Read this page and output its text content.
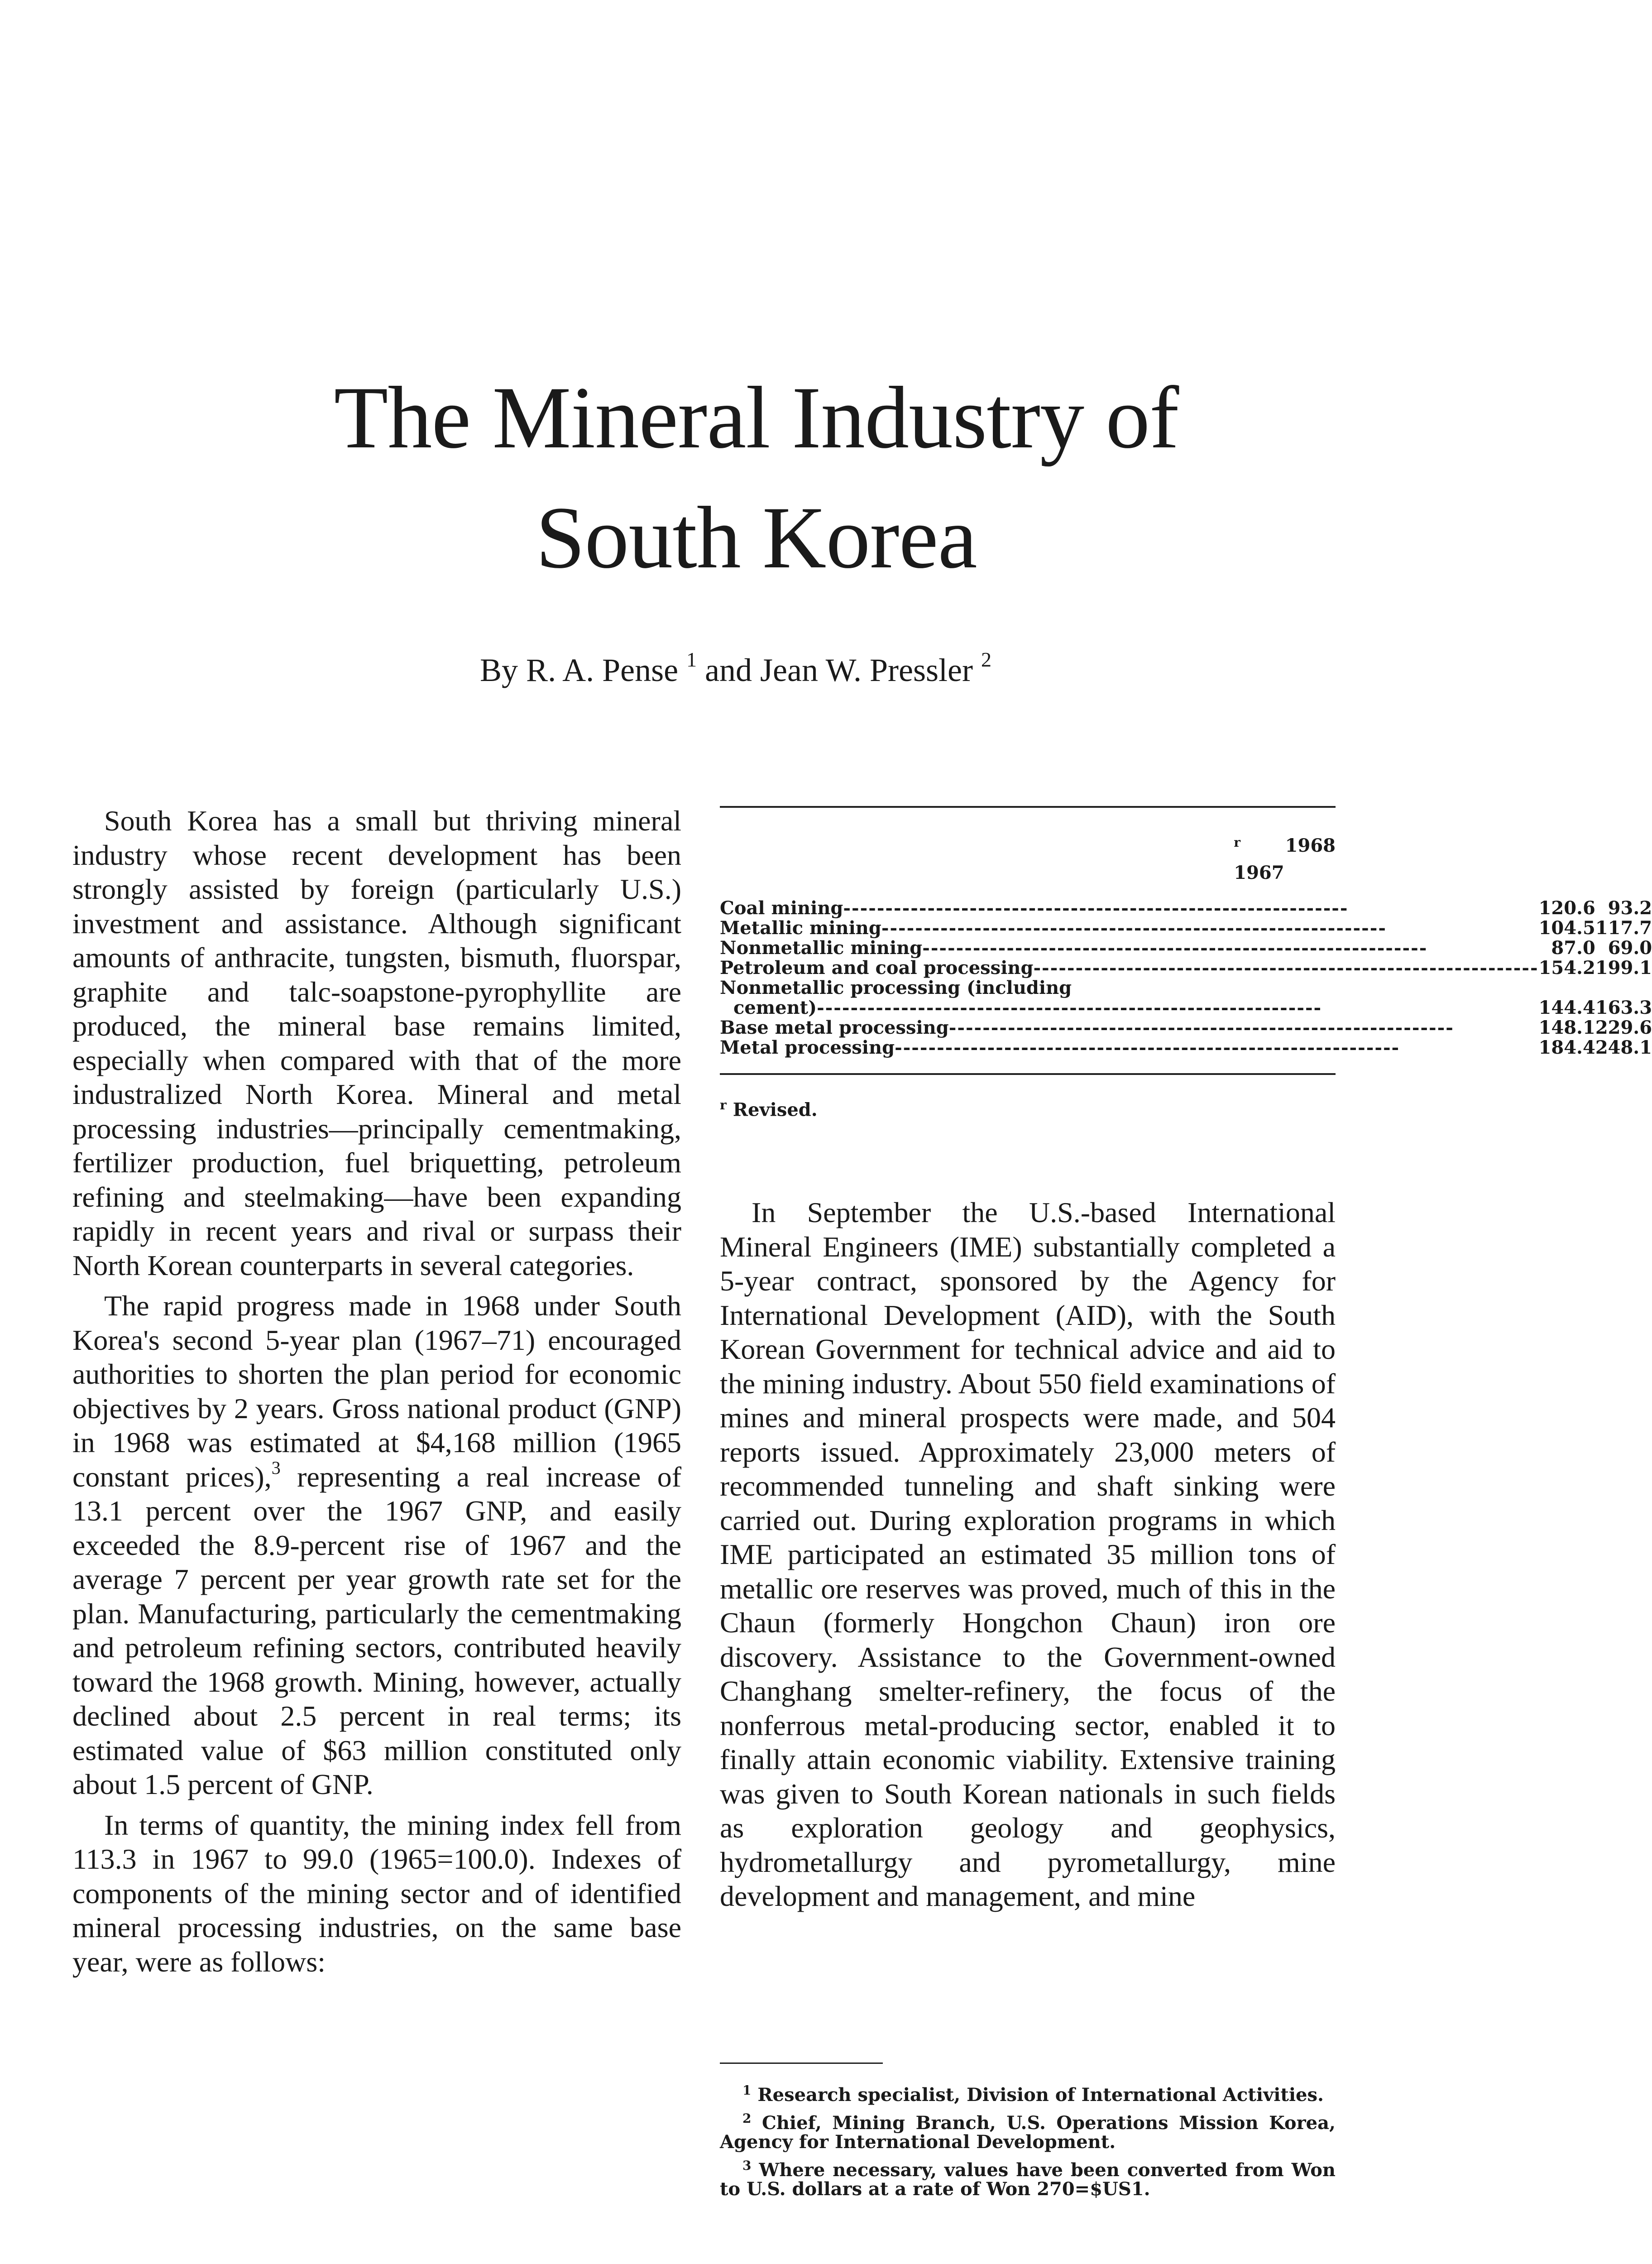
The Mineral Industry of
South Korea
By R. A. Pense $^1$ and Jean W. Pressler $^2$

South Korea has a small but thriving mineral industry whose recent development has been strongly assisted by foreign (particularly U.S.) investment and assistance. Although significant amounts of anthracite, tungsten, bismuth, fluorspar, graphite and talc-soapstone-pyrophyllite are produced, the mineral base remains limited, especially when compared with that of the more industralized North Korea. Mineral and metal processing industries—principally cementmaking, fertilizer production, fuel briquetting, petroleum refining and steelmaking—have been expanding rapidly in recent years and rival or surpass their North Korean counterparts in several categories.

The rapid progress made in 1968 under South Korea's second 5-year plan (1967–71) encouraged authorities to shorten the plan period for economic objectives by 2 years. Gross national product (GNP) in 1968 was estimated at $4,168 million (1965 constant prices),$^3$ representing a real increase of 13.1 percent over the 1967 GNP, and easily exceeded the 8.9-percent rise of 1967 and the average 7 percent per year growth rate set for the plan. Manufacturing, particularly the cementmaking and petroleum refining sectors, contributed heavily toward the 1968 growth. Mining, however, actually declined about 2.5 percent in real terms; its estimated value of $63 million constituted only about 1.5 percent of GNP.

In terms of quantity, the mining index fell from 113.3 in 1967 to 99.0 (1965=100.0). Indexes of components of the mining sector and of identified mineral processing industries, on the same base year, were as follows:

1967
$^r$ 1968
Coal mining------------------------------------------------------------	120.6	93.2
Metallic mining------------------------------------------------------------	104.5	117.7
Nonmetallic mining------------------------------------------------------------	87.0	69.0
Petroleum and coal processing------------------------------------------------------------	154.2	199.1
Nonmetallic processing (including		
cement)------------------------------------------------------------	144.4	163.3
Base metal processing------------------------------------------------------------	148.1	229.6
Metal processing------------------------------------------------------------	184.4	248.1
$^r$ Revised.

In September the U.S.-based International Mineral Engineers (IME) substantially completed a 5-year contract, sponsored by the Agency for International Development (AID), with the South Korean Government for technical advice and aid to the mining industry. About 550 field examinations of mines and mineral prospects were made, and 504 reports issued. Approximately 23,000 meters of recommended tunneling and shaft sinking were carried out. During exploration programs in which IME participated an estimated 35 million tons of metallic ore reserves was proved, much of this in the Chaun (formerly Hongchon Chaun) iron ore discovery. Assistance to the Government-owned Changhang smelter-refinery, the focus of the nonferrous metal-producing sector, enabled it to finally attain economic viability. Extensive training was given to South Korean nationals in such fields as exploration geology and geophysics, hydrometallurgy and pyrometallurgy, mine development and management, and mine

$^1$ Research specialist, Division of International Activities.
$^2$ Chief, Mining Branch, U.S. Operations Mission Korea, Agency for International Development.
$^3$ Where necessary, values have been converted from Won to U.S. dollars at a rate of Won 270=$US1.
